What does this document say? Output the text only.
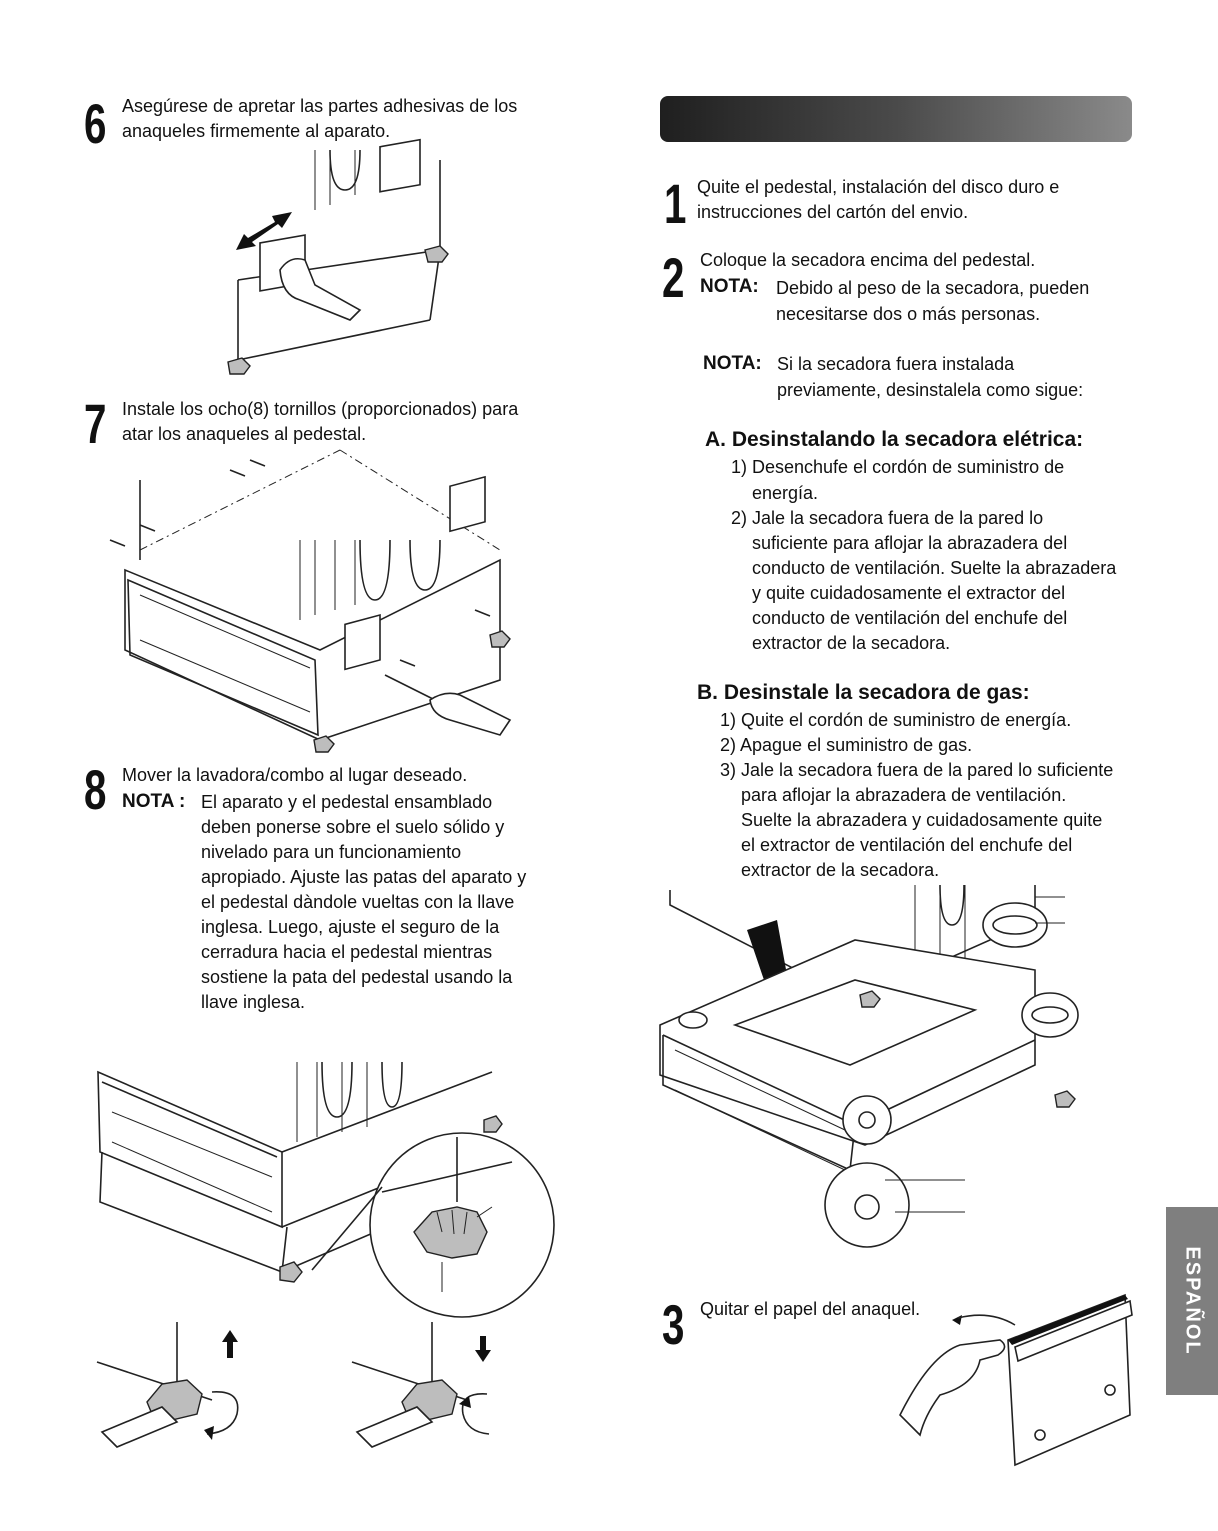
6 Asegúrese de apretar las partes adhesivas de los
anaqueles firmemente al aparato.
7 Instale los ocho(8) tornillos (proporcionados) para
atar los anaqueles al pedestal.
8 Mover la lavadora/combo al lugar deseado.
NOTA : El aparato y el pedestal ensamblado
deben ponerse sobre el suelo sólido y
nivelado para un funcionamiento
apropiado. Ajuste las patas del aparato y
el pedestal dàndole vueltas con la llave
inglesa. Luego, ajuste el seguro de la
cerradura hacia el pedestal mientras
sostiene la pata del pedestal usando la
llave inglesa.
1 Quite el pedestal, instalación del disco duro e
instrucciones del cartón del envio.
2 Coloque la secadora encima del pedestal.
NOTA: Debido al peso de la secadora, pueden
necesitarse dos o más personas.
NOTA: Si la secadora fuera instalada
previamente, desinstalela como sigue:
A. Desinstalando la secadora elétrica:
1) Desenchufe el cordón de suministro de
energía.
2) Jale la secadora fuera de la pared lo
suficiente para aflojar la abrazadera del
conducto de ventilación. Suelte la abrazadera
y quite cuidadosamente el extractor del
conducto de ventilación del enchufe del
extractor de la secadora.
B. Desinstale la secadora de gas:
1) Quite el cordón de suministro de energía.
2) Apague el suministro de gas.
3) Jale la secadora fuera de la pared lo suficiente
para aflojar la abrazadera de ventilación.
Suelte la abrazadera y cuidadosamente quite
el extractor de ventilación del enchufe del
extractor de la secadora.
3 Quitar el papel del anaquel.	ESPAÑOL
